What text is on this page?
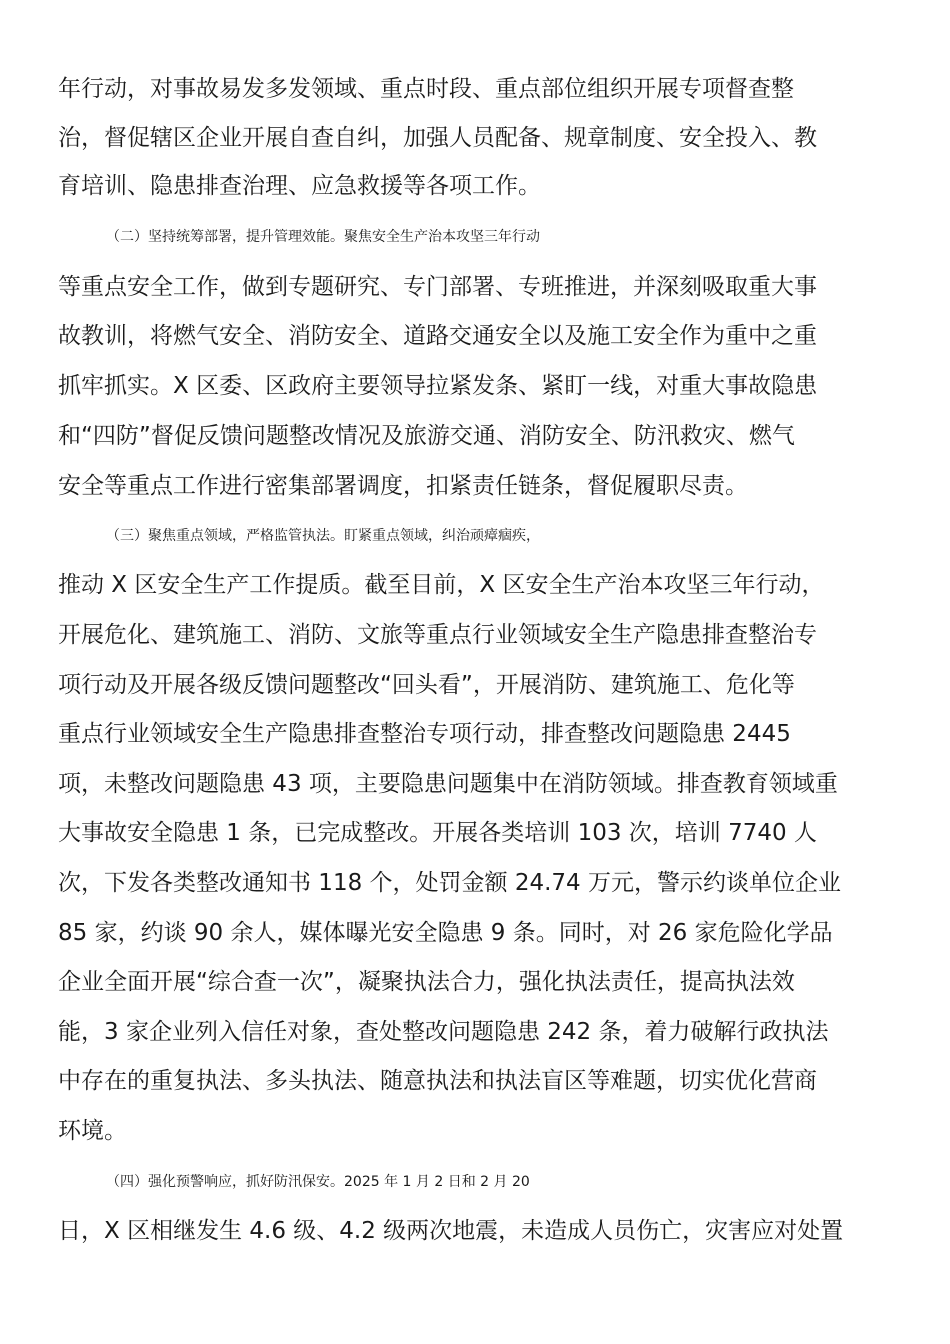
年行动，对事故易发多发领域、重点时段、重点部位组织开展专项督查整
治，督促辖区企业开展自查自纠，加强人员配备、规章制度、安全投入、教
育培训、隐患排查治理、应急救援等各项工作。
（二）坚持统筹部署，提升管理效能。聚焦安全生产治本攻坚三年行动
等重点安全工作，做到专题研究、专门部署、专班推进，并深刻吸取重大事
故教训，将燃气安全、消防安全、道路交通安全以及施工安全作为重中之重
抓牢抓实。X 区委、区政府主要领导拉紧发条、紧盯一线，对重大事故隐患
和“四防”督促反馈问题整改情况及旅游交通、消防安全、防汛救灾、燃气
安全等重点工作进行密集部署调度，扣紧责任链条，督促履职尽责。
（三）聚焦重点领域，严格监管执法。盯紧重点领域，纠治顽瘴痼疾，
推动 X 区安全生产工作提质。截至目前，X 区安全生产治本攻坚三年行动，
开展危化、建筑施工、消防、文旅等重点行业领域安全生产隐患排查整治专
项行动及开展各级反馈问题整改“回头看”，开展消防、建筑施工、危化等
重点行业领域安全生产隐患排查整治专项行动，排查整改问题隐患 2445
项，未整改问题隐患 43 项，主要隐患问题集中在消防领域。排查教育领域重
大事故安全隐患 1 条，已完成整改。开展各类培训 103 次，培训 7740 人
次，下发各类整改通知书 118 个，处罚金额 24.74 万元，警示约谈单位企业
85 家，约谈 90 余人，媒体曝光安全隐患 9 条。同时，对 26 家危险化学品
企业全面开展“综合查一次”，凝聚执法合力，强化执法责任，提高执法效
能，3 家企业列入信任对象，查处整改问题隐患 242 条，着力破解行政执法
中存在的重复执法、多头执法、随意执法和执法盲区等难题，切实优化营商
环境。
（四）强化预警响应，抓好防汛保安。2025 年 1 月 2 日和 2 月 20
日，X 区相继发生 4.6 级、4.2 级两次地震，未造成人员伤亡，灾害应对处置
